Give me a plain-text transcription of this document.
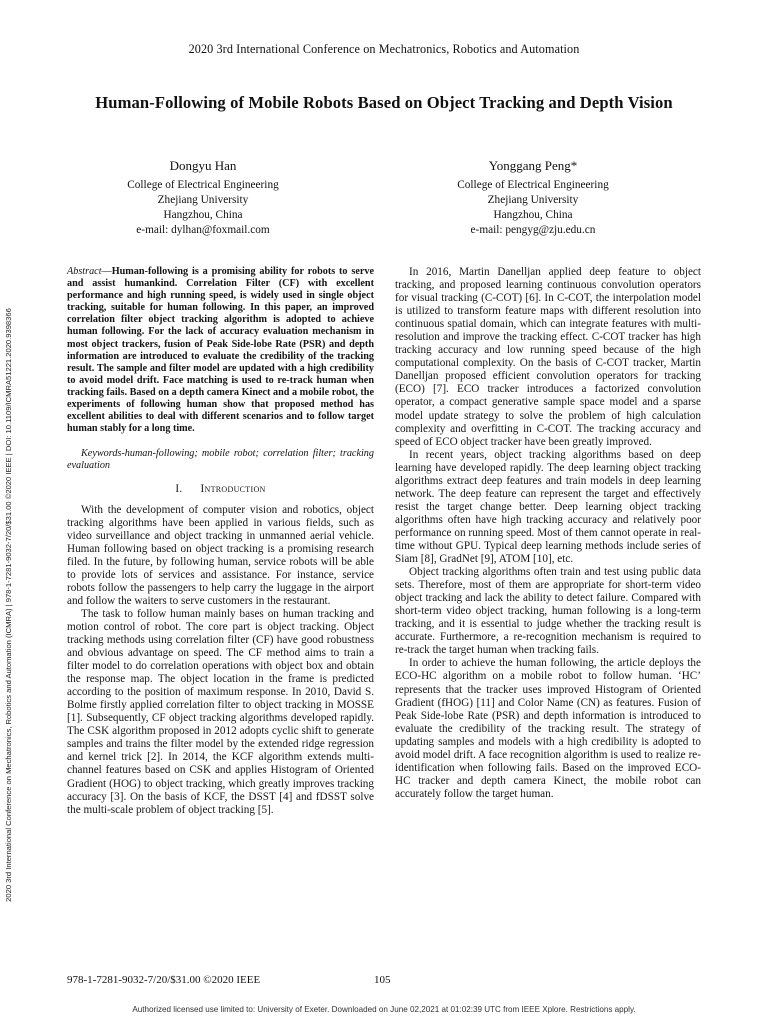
2020 3rd International Conference on Mechatronics, Robotics and Automation
Human-Following of Mobile Robots Based on Object Tracking and Depth Vision
Dongyu Han
College of Electrical Engineering
Zhejiang University
Hangzhou, China
e-mail: dylhan@foxmail.com
Yonggang Peng*
College of Electrical Engineering
Zhejiang University
Hangzhou, China
e-mail: pengyg@zju.edu.cn
2020 3rd International Conference on Mechatronics, Robotics and Automation (ICMRA) | 978-1-7281-9032-7/20/$31.00 ©2020 IEEE | DOI: 10.1109/ICMRA51221.2020.9398366

Abstract—Human-following is a promising ability for robots to serve and assist humankind. Correlation Filter (CF) with excellent performance and high running speed, is widely used in single object tracking, suitable for human following. In this paper, an improved correlation filter object tracking algorithm is adopted to achieve human following. For the lack of accuracy evaluation mechanism in most object trackers, fusion of Peak Side-lobe Rate (PSR) and depth information are introduced to evaluate the credibility of the tracking result. The sample and filter model are updated with a high credibility to avoid model drift. Face matching is used to re-track human when tracking fails. Based on a depth camera Kinect and a mobile robot, the experiments of following human show that proposed method has excellent abilities to deal with different scenarios and to follow target human stably for a long time.

Keywords-human-following; mobile robot; correlation filter; tracking evaluation

I. Introduction

With the development of computer vision and robotics, object tracking algorithms have been applied in various fields, such as video surveillance and object tracking in unmanned aerial vehicle. Human following based on object tracking is a promising research filed. In the future, by following human, service robots will be able to provide lots of services and assistance. For instance, service robots follow the passengers to help carry the luggage in the airport and follow the waiters to serve customers in the restaurant.

The task to follow human mainly bases on human tracking and motion control of robot. The core part is object tracking. Object tracking methods using correlation filter (CF) have good robustness and obvious advantage on speed. The CF method aims to train a filter model to do correlation operations with object box and obtain the response map. The object location in the frame is predicted according to the position of maximum response. In 2010, David S. Bolme firstly applied correlation filter to object tracking in MOSSE [1]. Subsequently, CF object tracking algorithms developed rapidly. The CSK algorithm proposed in 2012 adopts cyclic shift to generate samples and trains the filter model by the extended ridge regression and kernel trick [2]. In 2014, the KCF algorithm extends multi-channel features based on CSK and applies Histogram of Oriented Gradient (HOG) to object tracking, which greatly improves tracking accuracy [3]. On the basis of KCF, the DSST [4] and fDSST solve the multi-scale problem of object tracking [5].

In 2016, Martin Danelljan applied deep feature to object tracking, and proposed learning continuous convolution operators for visual tracking (C-COT) [6]. In C-COT, the interpolation model is utilized to transform feature maps with different resolution into continuous spatial domain, which can integrate features with multi-resolution and improve the tracking effect. C-COT tracker has high tracking accuracy and low running speed because of the high computational complexity. On the basis of C-COT tracker, Martin Danelljan proposed efficient convolution operators for tracking (ECO) [7]. ECO tracker introduces a factorized convolution operator, a compact generative sample space model and a sparse model update strategy to solve the problem of high calculation complexity and overfitting in C-COT. The tracking accuracy and speed of ECO object tracker have been greatly improved.

In recent years, object tracking algorithms based on deep learning have developed rapidly. The deep learning object tracking algorithms extract deep features and train models in deep learning network. The deep feature can represent the target and effectively resist the target change better. Deep learning object tracking algorithms often have high tracking accuracy and relatively poor performance on running speed. Most of them cannot operate in real-time without GPU. Typical deep learning methods include series of Siam [8], GradNet [9], ATOM [10], etc.

Object tracking algorithms often train and test using public data sets. Therefore, most of them are appropriate for short-term video object tracking and lack the ability to detect failure. Compared with short-term video object tracking, human following is a long-term tracking, and it is essential to judge whether the tracking result is accurate. Furthermore, a re-recognition mechanism is required to re-track the target human when tracking fails.

In order to achieve the human following, the article deploys the ECO-HC algorithm on a mobile robot to follow human. ‘HC’ represents that the tracker uses improved Histogram of Oriented Gradient (fHOG) [11] and Color Name (CN) as features. Fusion of Peak Side-lobe Rate (PSR) and depth information is introduced to evaluate the credibility of the tracking result. The strategy of updating samples and models with a high credibility is adopted to avoid model drift. A face recognition algorithm is used to realize re-identification when following fails. Based on the improved ECO-HC tracker and depth camera Kinect, the mobile robot can accurately follow the target human.

978-1-7281-9032-7/20/$31.00 ©2020 IEEE	105
Authorized licensed use limited to: University of Exeter. Downloaded on June 02,2021 at 01:02:39 UTC from IEEE Xplore. Restrictions apply.
